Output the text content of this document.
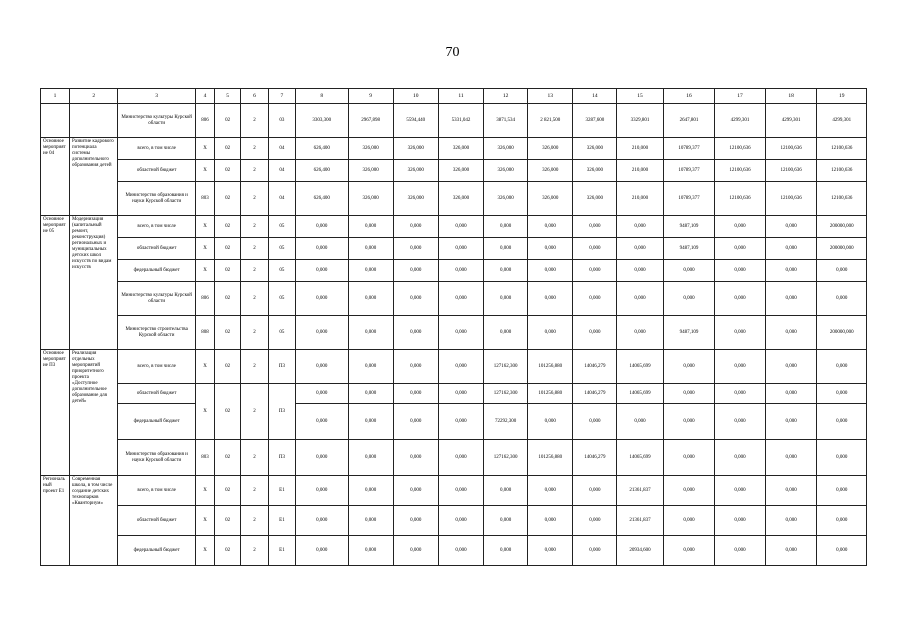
70
1	2	3	4	5	6	7	8	9	10	11	12	13	14	15	16	17	18	19
		Министерство культуры Курской области	806	02	2	03	3303,300	2967,898	5594,440	5331,042	3871,534	2 821,500	3287,600	3329,801	2647,801	4299,301	4299,301	4299,301
Основное мероприятие 04	Развитие кадрового потенциала системы дополнительного образования детей	всего, в том числе	X	02	2	04	626,400	326,000	326,000	326,000	326,000	326,000	326,000	210,000	10789,377	12100,636	12100,636	12100,636
		областной бюджет	X	02	2	04	626,400	326,000	326,000	326,000	326,000	326,000	326,000	210,000	10789,377	12100,636	12100,636	12100,636
		Министерство образования и науки Курской области	803	02	2	04	626,400	326,000	326,000	326,000	326,000	326,000	326,000	210,000	10789,377	12100,636	12100,636	12100,636
Основное мероприятие 05	Модернизация (капитальный ремонт, реконструкция) региональных и муниципальных детских школ искусств по видам искусств	всего, в том числе	X	02	2	05	0,000	0,000	0,000	0,000	0,000	0,000	0,000	0,000	9487,109	0,000	0,000	200000,000
		областной бюджет	X	02	2	05	0,000	0,000	0,000	0,000	0,000	0,000	0,000	0,000	9487,109	0,000	0,000	200000,000
		федеральный бюджет	X	02	2	05	0,000	0,000	0,000	0,000	0,000	0,000	0,000	0,000	0,000	0,000	0,000	0,000
		Министерство культуры Курской области	806	02	2	05	0,000	0,000	0,000	0,000	0,000	0,000	0,000	0,000	0,000	0,000	0,000	0,000
		Министерство строительства Курской области	808	02	2	05	0,000	0,000	0,000	0,000	0,000	0,000	0,000	0,000	9487,109	0,000	0,000	200000,000
Основное мероприятие П3	Реализация отдельных мероприятий приоритетного проекта «Доступное дополнительное образование для детей»	всего, в том числе	X	02	2	П3	0,000	0,000	0,000	0,000	127162,300	101256,880	14046,279	14065,699	0,000	0,000	0,000	0,000
		областной бюджет	X	02	2	П3	0,000	0,000	0,000	0,000	127162,300	101256,880	14046,279	14065,699	0,000	0,000	0,000	0,000
		федеральный бюджет					0,000	0,000	0,000	0,000	72292,300	0,000	0,000	0,000	0,000	0,000	0,000	0,000
		Министерство образования и науки Курской области	803	02	2	П3	0,000	0,000	0,000	0,000	127162,300	101256,880	14046,279	14065,699	0,000	0,000	0,000	0,000
Региональный проект Е1	Современная школа, в том числе создание детских технопарков «Кванториум»	всего, в том числе	X	02	2	Е1	0,000	0,000	0,000	0,000	0,000	0,000	0,000	21361,837	0,000	0,000	0,000	0,000
		областной бюджет	X	02	2	Е1	0,000	0,000	0,000	0,000	0,000	0,000	0,000	21361,837	0,000	0,000	0,000	0,000
		федеральный бюджет	X	02	2	Е1	0,000	0,000	0,000	0,000	0,000	0,000	0,000	20934,600	0,000	0,000	0,000	0,000
